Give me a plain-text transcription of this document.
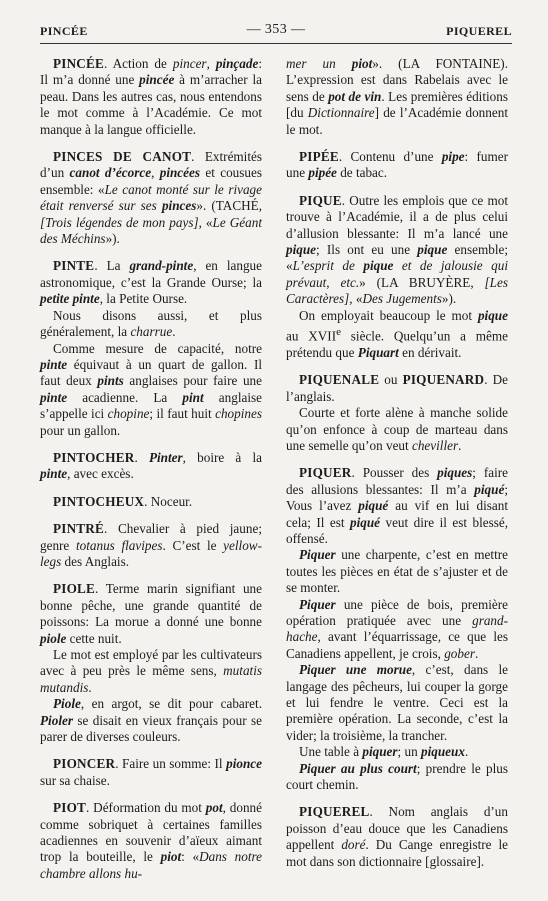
PINCÉE	— 353 —	PIQUEREL

PINCÉE. Action de pincer, pinçade: Il m’a donné une pincée à m’arracher la peau. Dans les autres cas, nous entendons le mot comme à l’Académie. Ce mot manque à la langue officielle.

PINCES DE CANOT. Extrémités d’un canot d’écorce, pincées et cousues ensemble: «Le canot monté sur le rivage était renversé sur ses pinces». (TACHÉ, [Trois légendes de mon pays], «Le Géant des Méchins»).

PINTE. La grand-pinte, en langue astronomique, c’est la Grande Ourse; la petite pinte, la Petite Ourse.

Nous disons aussi, et plus généralement, la charrue.

Comme mesure de capacité, notre pinte équivaut à un quart de gallon. Il faut deux pints anglaises pour faire une pinte acadienne. La pint anglaise s’appelle ici chopine; il faut huit chopines pour un gallon.

PINTOCHER. Pinter, boire à la pinte, avec excès.

PINTOCHEUX. Noceur.

PINTRÉ. Chevalier à pied jaune; genre totanus flavipes. C’est le yellow-legs des Anglais.

PIOLE. Terme marin signifiant une bonne pêche, une grande quantité de poissons: La morue a donné une bonne piole cette nuit.

Le mot est employé par les cultivateurs avec à peu près le même sens, mutatis mutandis.

Piole, en argot, se dit pour cabaret. Pioler se disait en vieux français pour se parer de diverses couleurs.

PIONCER. Faire un somme: Il pionce sur sa chaise.

PIOT. Déformation du mot pot, donné comme sobriquet à certaines familles acadiennes en souvenir d’aïeux aimant trop la bouteille, le piot: «Dans notre chambre allons hu-

mer un piot». (LA FONTAINE). L’expression est dans Rabelais avec le sens de pot de vin. Les premières éditions [du Dictionnaire] de l’Académie donnent le mot.

PIPÉE. Contenu d’une pipe: fumer une pipée de tabac.

PIQUE. Outre les emplois que ce mot trouve à l’Académie, il a de plus celui d’allusion blessante: Il m’a lancé une pique; Ils ont eu une pique ensemble; «L’esprit de pique et de jalousie qui prévaut, etc.» (LA BRUYÈRE, [Les Caractères], «Des Jugements»).

On employait beaucoup le mot pique au XVIIe siècle. Quelqu’un a même prétendu que Piquart en dérivait.

PIQUENALE ou PIQUENARD. De l’anglais.

Courte et forte alène à manche solide qu’on enfonce à coup de marteau dans une semelle qu’on veut cheviller.

PIQUER. Pousser des piques; faire des allusions blessantes: Il m’a piqué; Vous l’avez piqué au vif en lui disant cela; Il est piqué veut dire il est blessé, offensé.

Piquer une charpente, c’est en mettre toutes les pièces en état de s’ajuster et de se monter.

Piquer une pièce de bois, première opération pratiquée avec une grand-hache, avant l’équarrissage, ce que les Canadiens appellent, je crois, gober.

Piquer une morue, c’est, dans le langage des pêcheurs, lui couper la gorge et lui fendre le ventre. Ceci est la première opération. La seconde, c’est la vider; la troisième, la trancher.

Une table à piquer; un piqueux.

Piquer au plus court; prendre le plus court chemin.

PIQUEREL. Nom anglais d’un poisson d’eau douce que les Canadiens appellent doré. Du Cange enregistre le mot dans son dictionnaire [glossaire].
